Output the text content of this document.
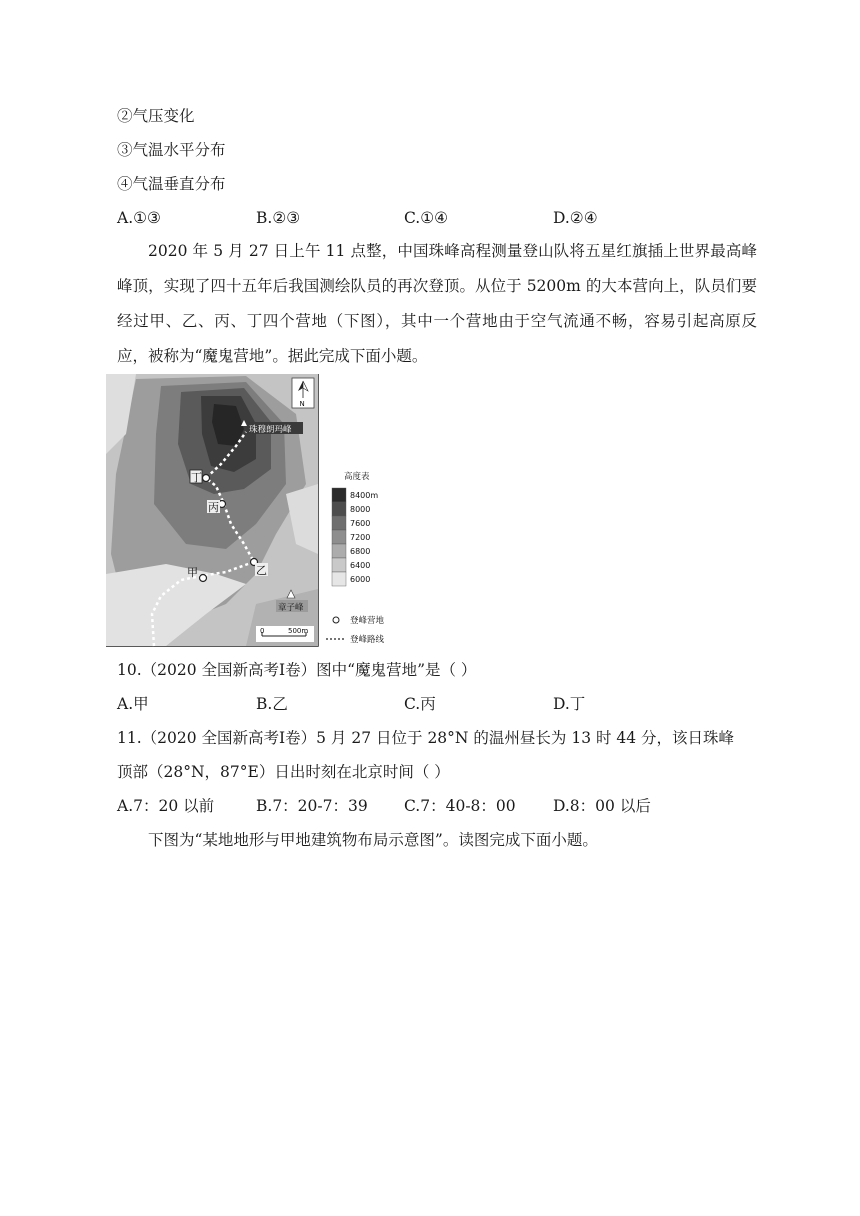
②气压变化
③气温水平分布
④气温垂直分布
A.①③	B.②③	C.①④	D.②④
2020 年 5 月 27 日上午 11 点整，中国珠峰高程测量登山队将五星红旗插上世界最高峰峰顶，实现了四十五年后我国测绘队员的再次登顶。从位于 5200m 的大本营向上，队员们要经过甲、乙、丙、丁四个营地（下图），其中一个营地由于空气流通不畅，容易引起高原反应，被称为“魔鬼营地”。据此完成下面小题。
甲	乙
丙
丁
珠穆朗玛峰
章子峰
N
0	500m
高度表
8400m
8000
7600
7200
6800
6400
6000
登峰营地
登峰路线
10.（2020 全国新高考Ⅰ卷）图中“魔鬼营地”是（ ）
A.甲	B.乙	C.丙	D.丁
11.（2020 全国新高考Ⅰ卷）5 月 27 日位于 28°N 的温州昼长为 13 时 44 分，该日珠峰
顶部（28°N，87°E）日出时刻在北京时间（ ）
A.7：20 以前	B.7：20-7：39 C.7：40-8：00 D.8：00 以后
下图为“某地地形与甲地建筑物布局示意图”。读图完成下面小题。
